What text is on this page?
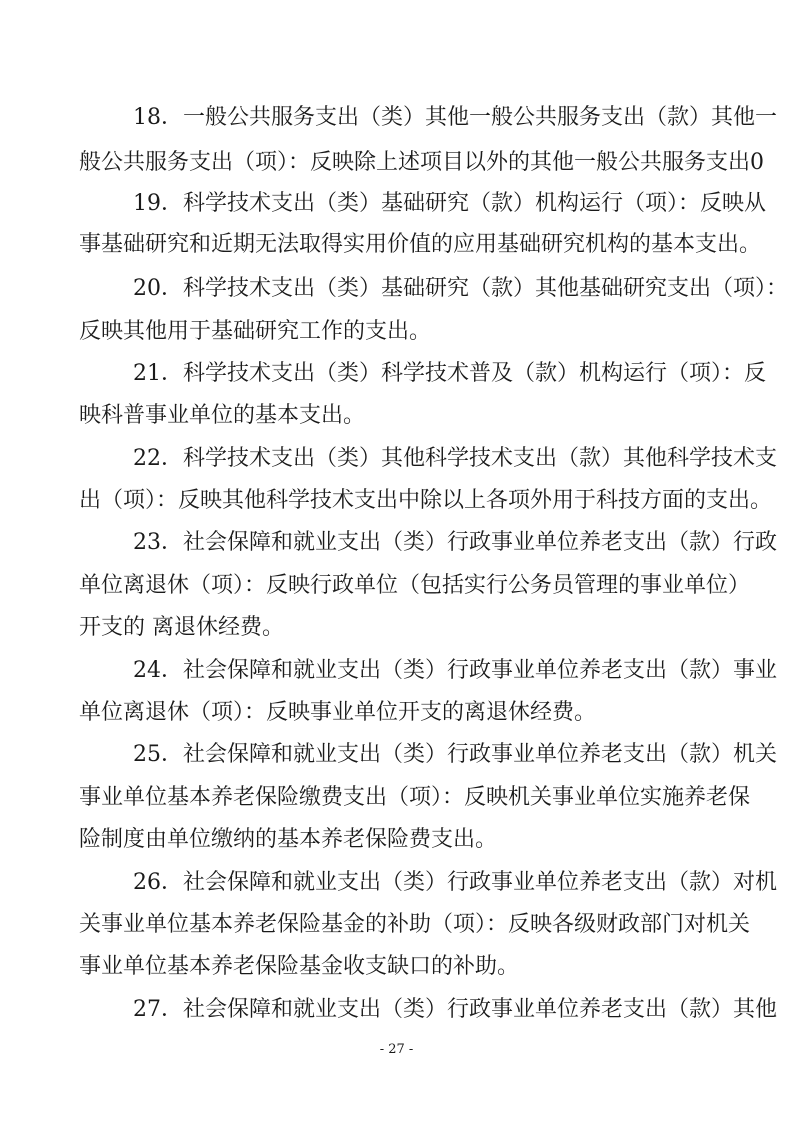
18．一般公共服务支出（类）其他一般公共服务支出（款）其他一

般公共服务支出（项）：反映除上述项目以外的其他一般公共服务支出0

19．科学技术支出（类）基础研究（款）机构运行（项）：反映从

事基础研究和近期无法取得实用价值的应用基础研究机构的基本支出。

20．科学技术支出（类）基础研究（款）其他基础研究支出（项）：

反映其他用于基础研究工作的支出。

21．科学技术支出（类）科学技术普及（款）机构运行（项）：反

映科普事业单位的基本支出。

22．科学技术支出（类）其他科学技术支出（款）其他科学技术支

出（项）：反映其他科学技术支出中除以上各项外用于科技方面的支出。

23．社会保障和就业支出（类）行政事业单位养老支出（款）行政

单位离退休（项）：反映行政单位（包括实行公务员管理的事业单位）

开支的 离退休经费。

24．社会保障和就业支出（类）行政事业单位养老支出（款）事业

单位离退休（项）：反映事业单位开支的离退休经费。

25．社会保障和就业支出（类）行政事业单位养老支出（款）机关

事业单位基本养老保险缴费支出（项）：反映机关事业单位实施养老保

险制度由单位缴纳的基本养老保险费支出。

26．社会保障和就业支出（类）行政事业单位养老支出（款）对机

关事业单位基本养老保险基金的补助（项）：反映各级财政部门对机关

事业单位基本养老保险基金收支缺口的补助。

27．社会保障和就业支出（类）行政事业单位养老支出（款）其他

- 27 -
